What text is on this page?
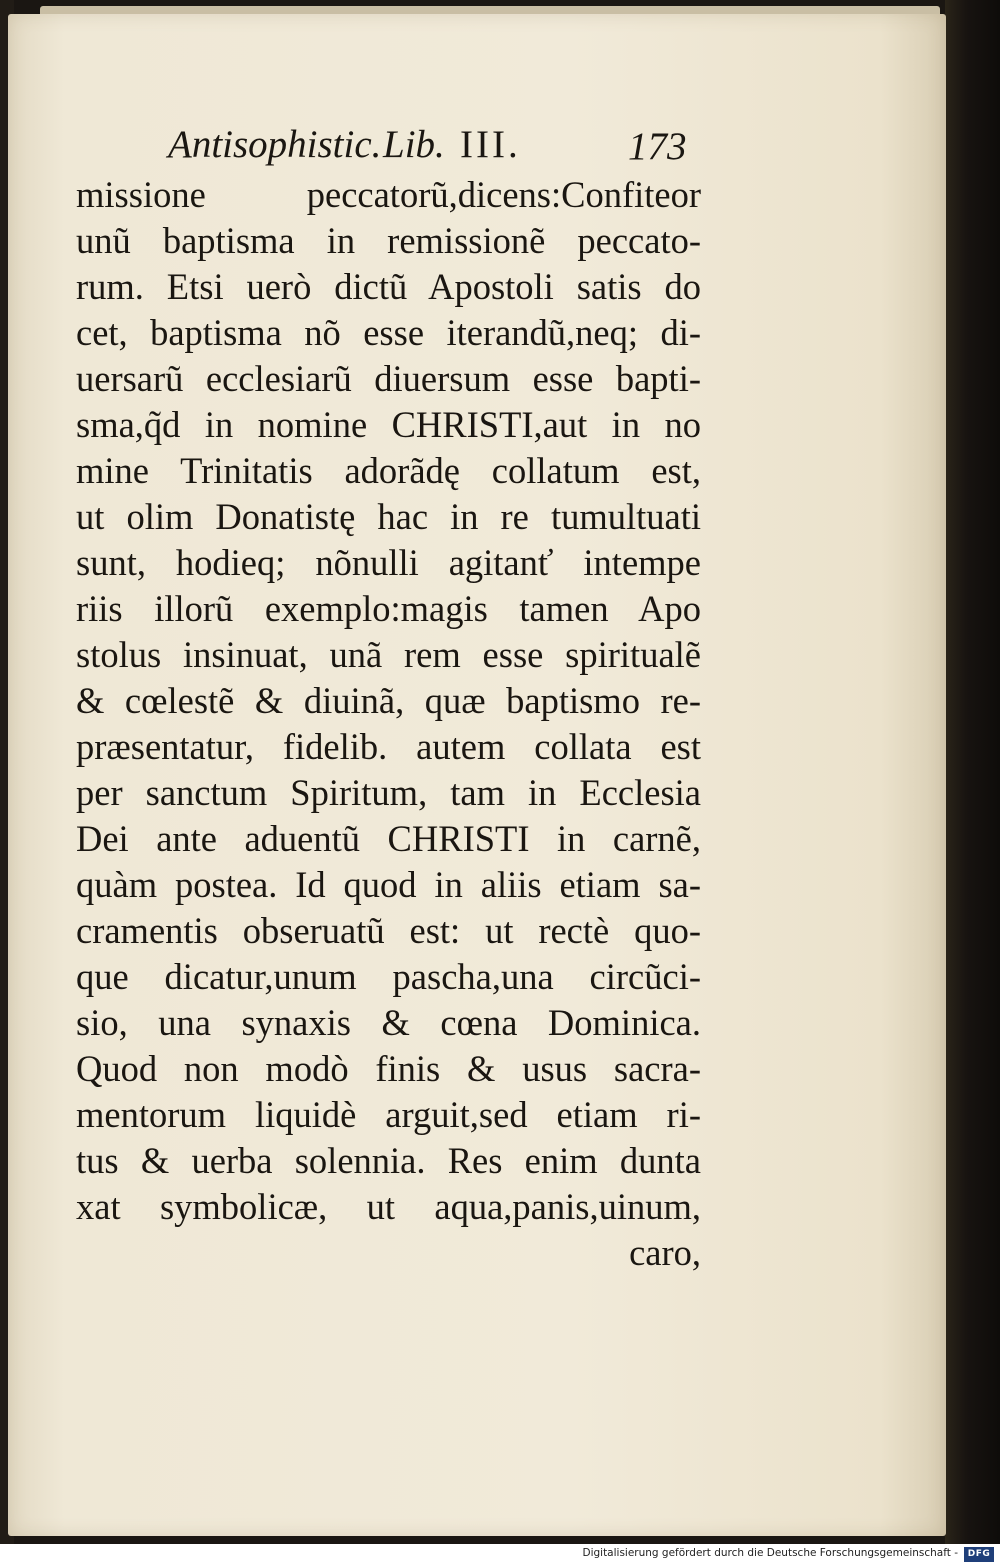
Antisophistic. Lib. III.	173
missione peccatorũ,dicens:Confiteor
unũ baptisma in remissionẽ peccato-
rum. Etsi uerò dictũ Apostoli satis do
cet, baptisma nõ esse iterandũ,neq; di-
uersarũ ecclesiarũ diuersum esse bapti-
sma,q̃d in nomine CHRISTI,aut in no
mine Trinitatis adorãdę collatum est,
ut olim Donatistę hac in re tumultuati
sunt, hodieq; nõnulli agitanť intempe
riis illorũ exemplo:magis tamen Apo
stolus insinuat, unã rem esse spiritualẽ
& cœlestẽ & diuinã, quæ baptismo re-
præsentatur, fidelib. autem collata est
per sanctum Spiritum, tam in Ecclesia
Dei ante aduentũ CHRISTI in carnẽ,
quàm postea. Id quod in aliis etiam sa-
cramentis obseruatũ est: ut rectè quo-
que dicatur,unum pascha,una circũci-
sio, una synaxis & cœna Dominica.
Quod non modò finis & usus sacra-
mentorum liquidè arguit,sed etiam ri-
tus & uerba solennia. Res enim dunta
xat symbolicæ, ut aqua,panis,uinum,
caro,
Digitalisierung gefördert durch die Deutsche Forschungsgemeinschaft -	DFG
